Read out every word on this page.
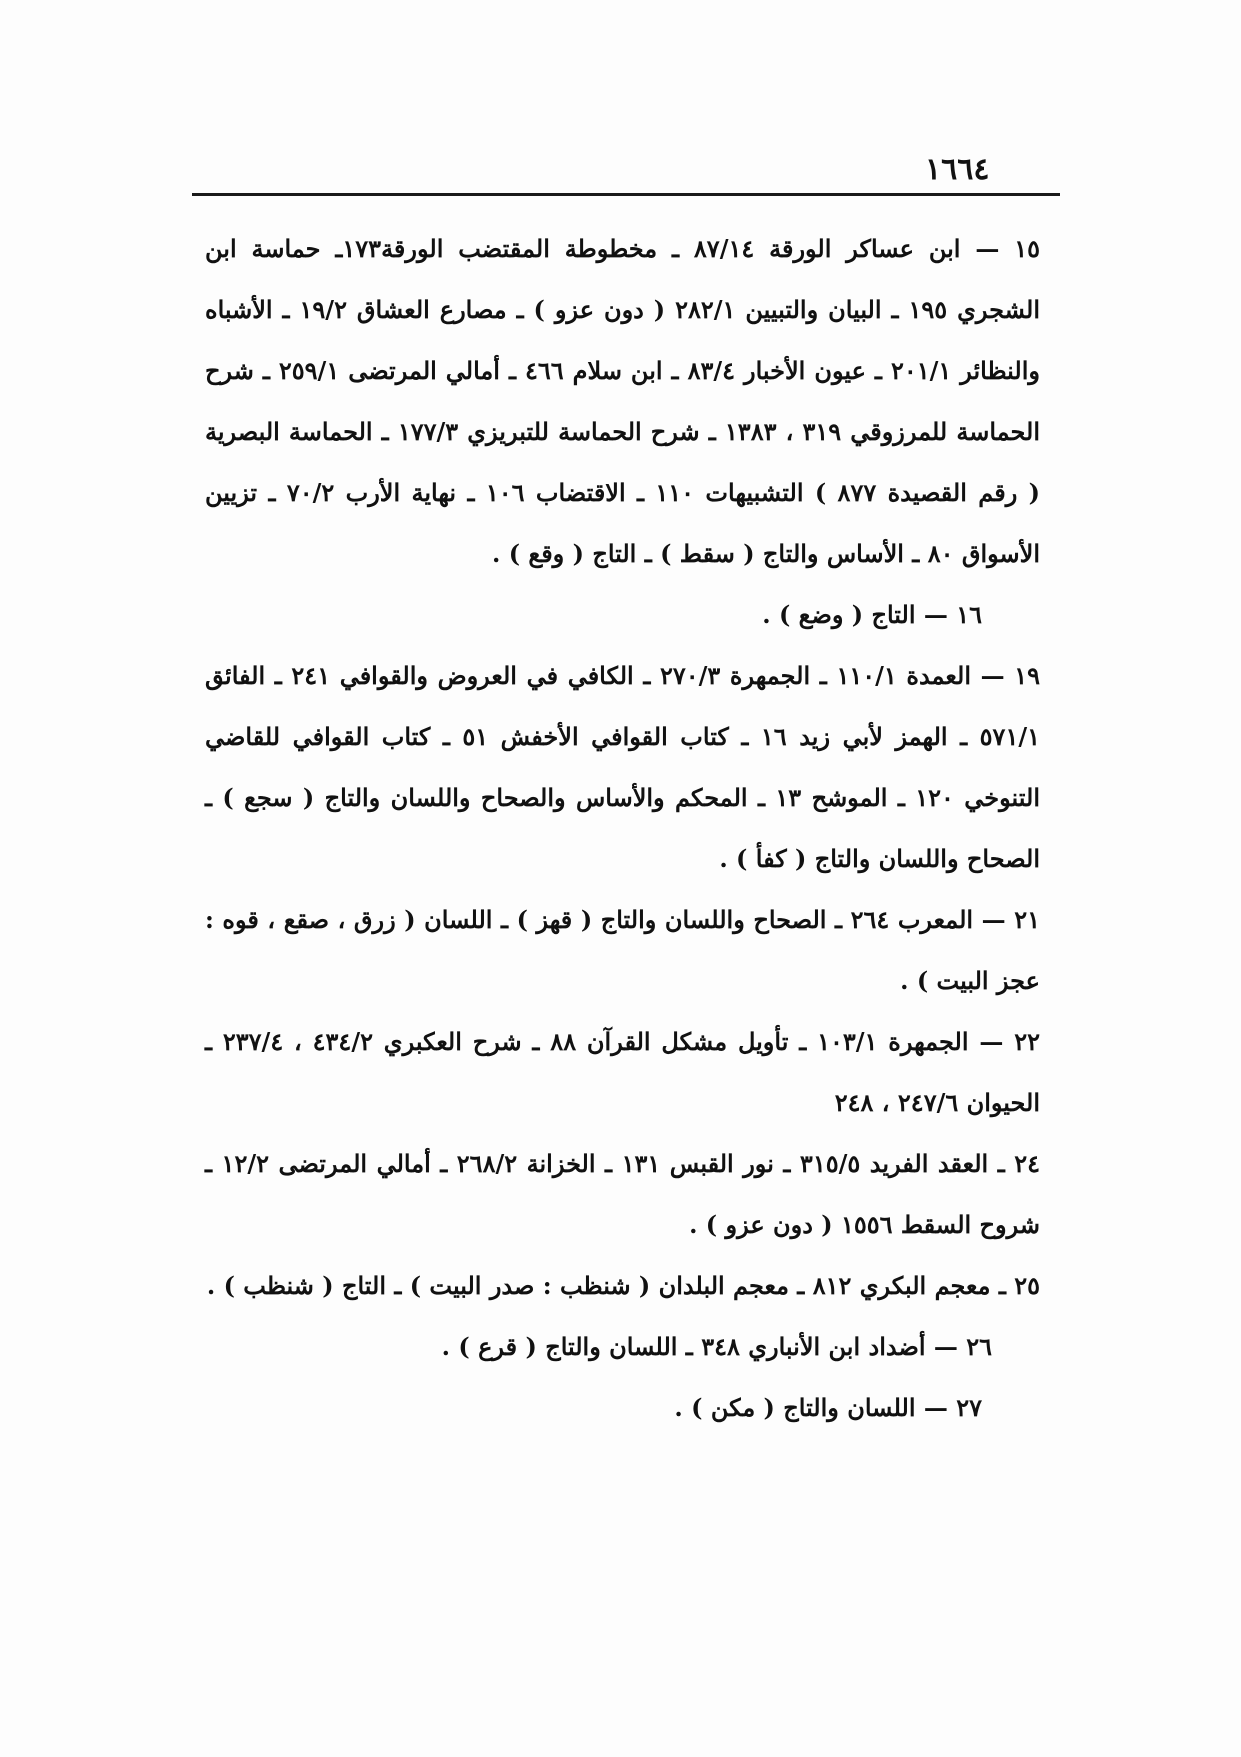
١٦٦٤

١٥ — ابن عساكر الورقة ٨٧/١٤ ـ مخطوطة المقتضب الورقة١٧٣ـ حماسة ابن الشجري ١٩٥ ـ البيان والتبيين ٢٨٢/١ ( دون عزو ) ـ مصارع العشاق ١٩/٢ ـ الأشباه والنظائر ٢٠١/١ ـ عيون الأخبار ٨٣/٤ ـ ابن سلام ٤٦٦ ـ أمالي المرتضى ٢٥٩/١ ـ شرح الحماسة للمرزوقي ٣١٩ ، ١٣٨٣ ـ شرح الحماسة للتبريزي ١٧٧/٣ ـ الحماسة البصرية ( رقم القصيدة ٨٧٧ ) التشبيهات ١١٠ ـ الاقتضاب ١٠٦ ـ نهاية الأرب ٧٠/٢ ـ تزيين الأسواق ٨٠ ـ الأساس والتاج ( سقط ) ـ التاج ( وقع ) .

١٦ — التاج ( وضع ) .

١٩ — العمدة ١١٠/١ ـ الجمهرة ٢٧٠/٣ ـ الكافي في العروض والقوافي ٢٤١ ـ الفائق ٥٧١/١ ـ الهمز لأبي زيد ١٦ ـ كتاب القوافي الأخفش ٥١ ـ كتاب القوافي للقاضي التنوخي ١٢٠ ـ الموشح ١٣ ـ المحكم والأساس والصحاح واللسان والتاج ( سجع ) ـ الصحاح واللسان والتاج ( كفأ ) .

٢١ — المعرب ٢٦٤ ـ الصحاح واللسان والتاج ( قهز ) ـ اللسان ( زرق ، صقع ، قوه : عجز البيت ) .

٢٢ — الجمهرة ١٠٣/١ ـ تأويل مشكل القرآن ٨٨ ـ شرح العكبري ٤٣٤/٢ ، ٢٣٧/٤ ـ الحيوان ٢٤٧/٦ ، ٢٤٨

٢٤ ـ العقد الفريد ٣١٥/٥ ـ نور القبس ١٣١ ـ الخزانة ٢٦٨/٢ ـ أمالي المرتضى ١٢/٢ ـ شروح السقط ١٥٥٦ ( دون عزو ) .

٢٥ ـ معجم البكري ٨١٢ ـ معجم البلدان ( شنظب : صدر البيت ) ـ التاج ( شنظب ) .

٢٦ — أضداد ابن الأنباري ٣٤٨ ـ اللسان والتاج ( قرع ) .

٢٧ — اللسان والتاج ( مكن ) .
